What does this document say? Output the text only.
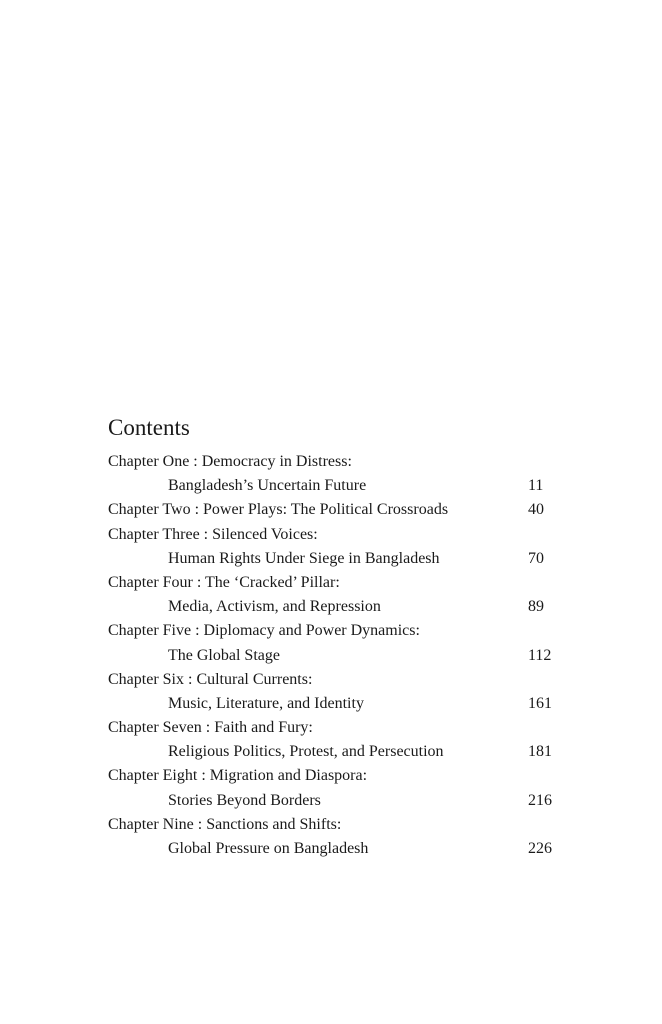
Contents
Chapter One : Democracy in Distress:
Bangladesh’s Uncertain Future	11
Chapter Two : Power Plays: The Political Crossroads	40
Chapter Three : Silenced Voices:
Human Rights Under Siege in Bangladesh	70
Chapter Four : The ‘Cracked’ Pillar:
Media, Activism, and Repression	89
Chapter Five : Diplomacy and Power Dynamics:
The Global Stage	112
Chapter Six : Cultural Currents:
Music, Literature, and Identity	161
Chapter Seven : Faith and Fury:
Religious Politics, Protest, and Persecution	181
Chapter Eight : Migration and Diaspora:
Stories Beyond Borders	216
Chapter Nine : Sanctions and Shifts:
Global Pressure on Bangladesh	226
